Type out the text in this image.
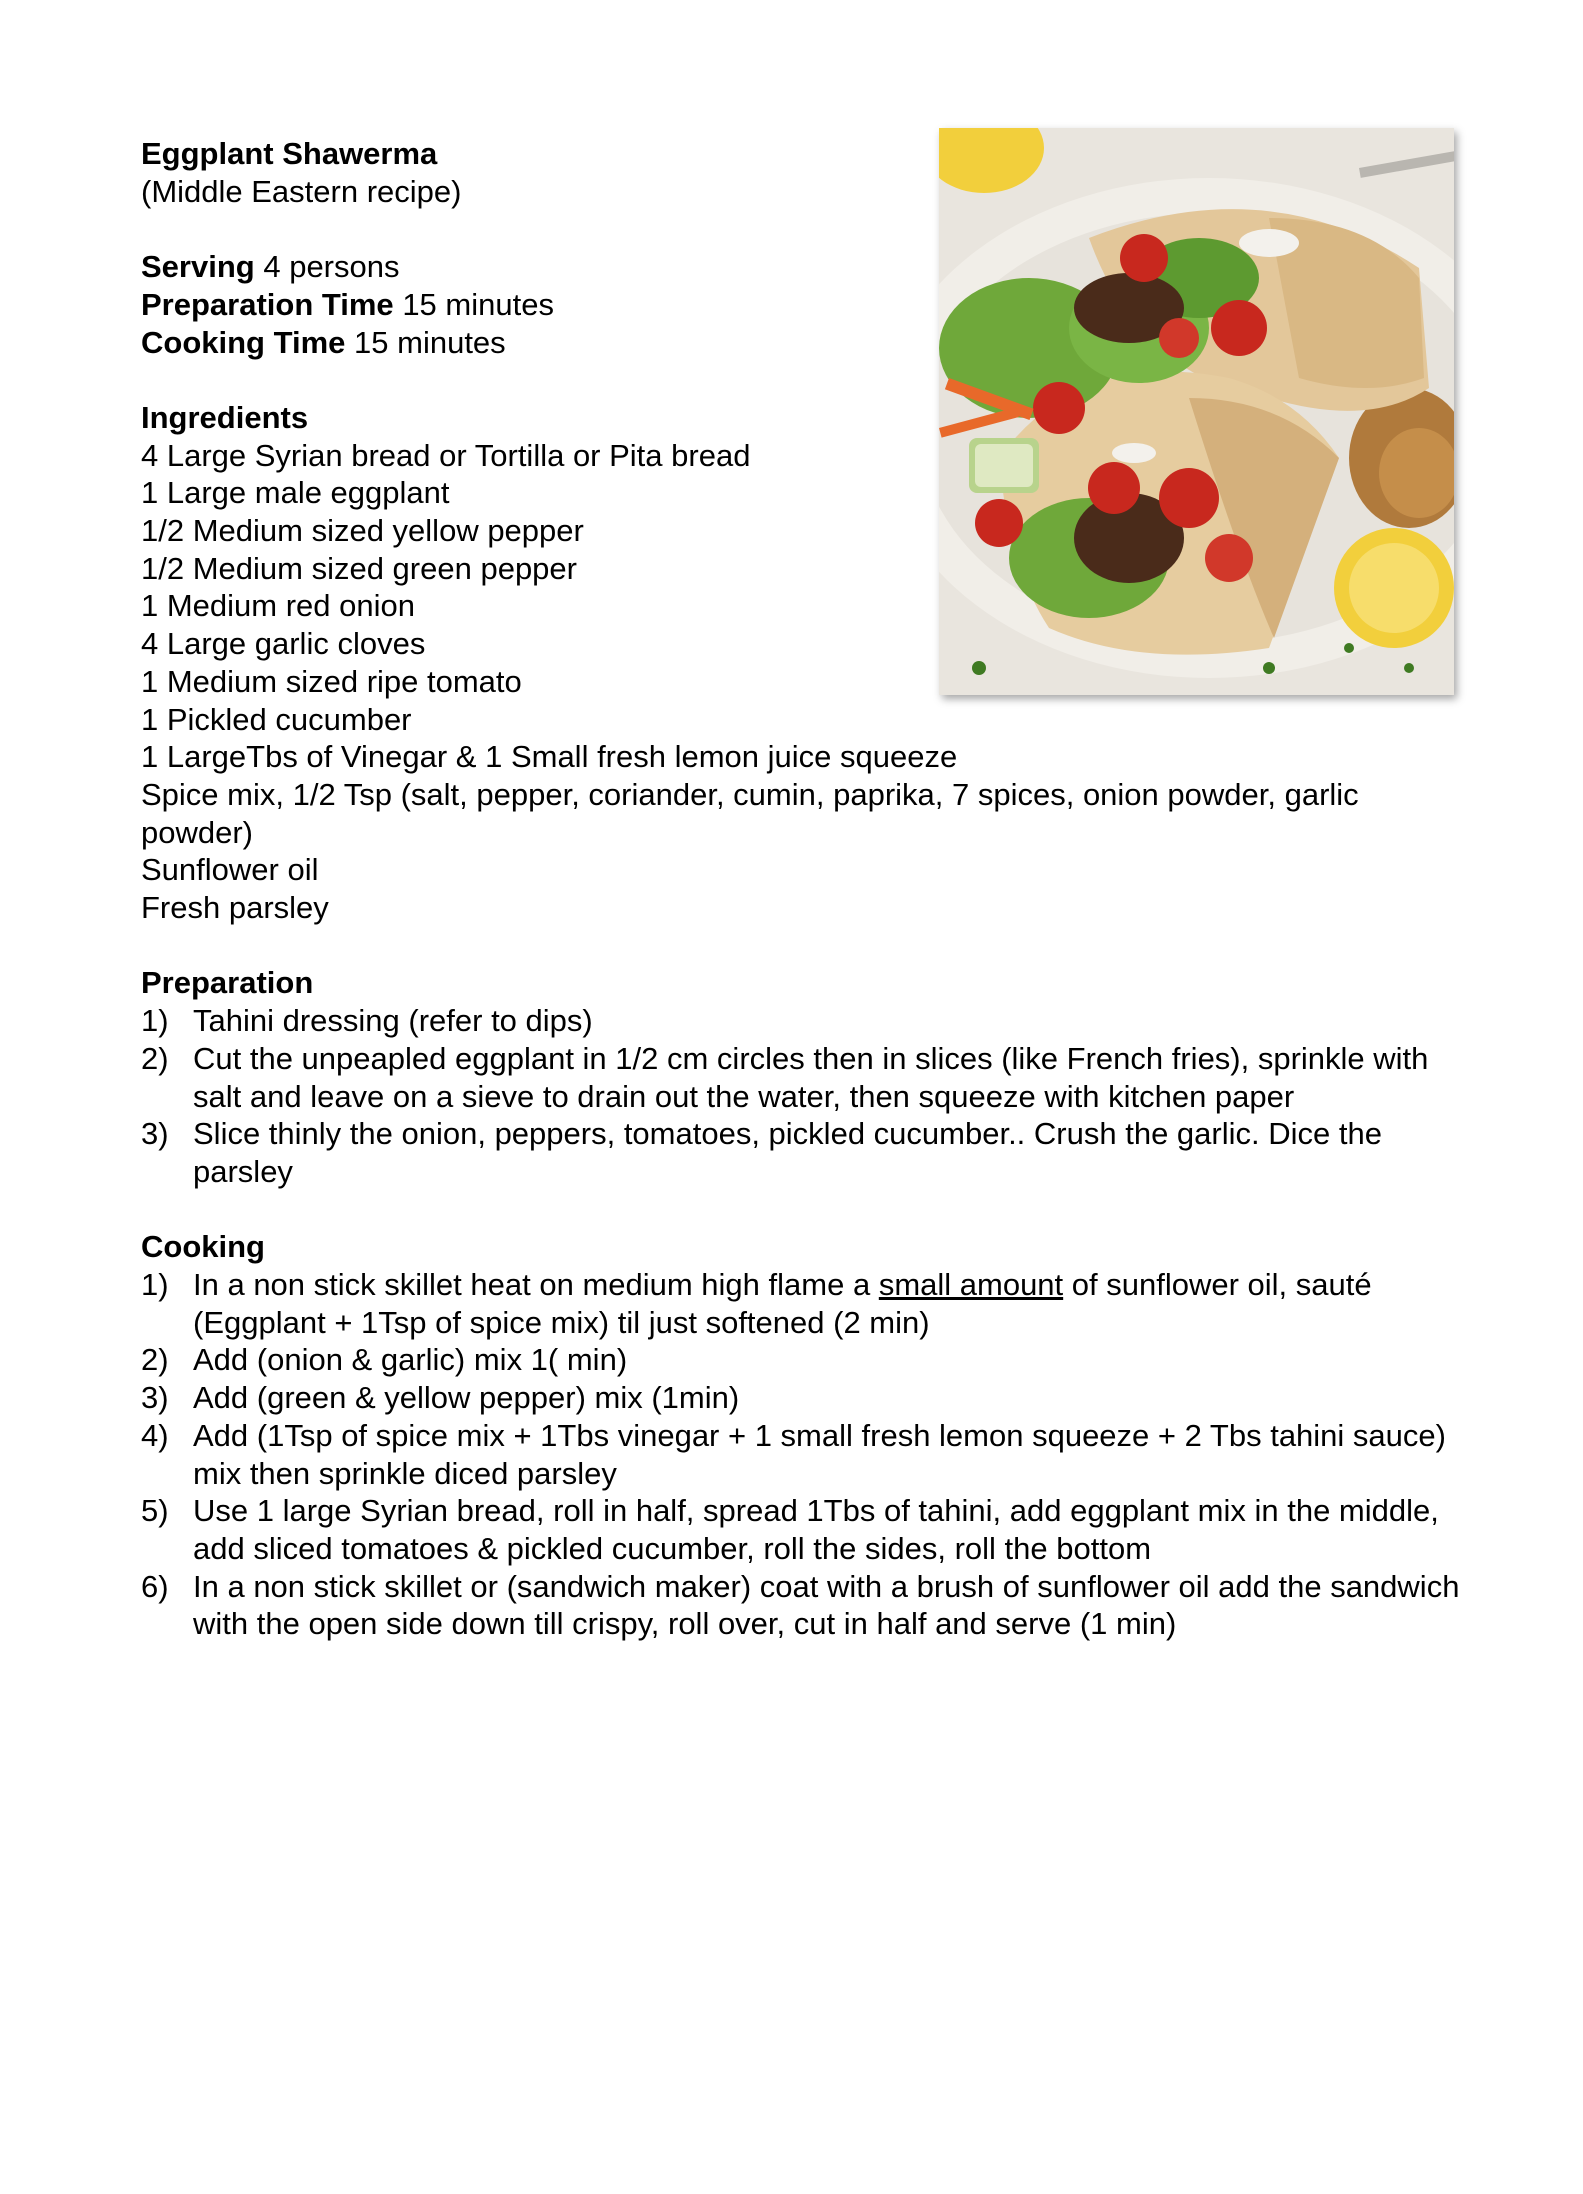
Eggplant Shawerma
(Middle Eastern recipe)
Serving 4 persons
Preparation Time 15 minutes
Cooking Time 15 minutes
Ingredients
4 Large Syrian bread or Tortilla or Pita bread
1 Large male eggplant
1/2 Medium sized yellow pepper
1/2 Medium sized green pepper
1 Medium red onion
4 Large garlic cloves
1 Medium sized ripe tomato
1 Pickled cucumber
1 LargeTbs of Vinegar & 1 Small fresh lemon juice squeeze
Spice mix, 1/2 Tsp (salt, pepper, coriander, cumin, paprika, 7 spices, onion powder, garlic powder)
Sunflower oil
Fresh parsley
Preparation
1) Tahini dressing (refer to dips)
2) Cut the unpeapled eggplant in 1/2 cm circles then in slices (like French fries), sprinkle with salt and leave on a sieve to drain out the water, then squeeze with kitchen paper
3) Slice thinly the onion, peppers, tomatoes, pickled cucumber.. Crush the garlic. Dice the parsley
Cooking
1) In a non stick skillet heat on medium high flame a small amount of sunflower oil, sauté (Eggplant + 1Tsp of spice mix) til just softened (2 min)
2) Add (onion & garlic) mix 1( min)
3) Add (green & yellow pepper) mix (1min)
4) Add (1Tsp of spice mix + 1Tbs vinegar + 1 small fresh lemon squeeze + 2 Tbs tahini sauce) mix then sprinkle diced parsley
5) Use 1 large Syrian bread, roll in half, spread 1Tbs of tahini, add eggplant mix in the middle, add sliced tomatoes & pickled cucumber, roll the sides, roll the bottom
6) In a non stick skillet or (sandwich maker) coat with a brush of sunflower oil add the sandwich with the open side down till crispy, roll over, cut in half and serve (1 min)
